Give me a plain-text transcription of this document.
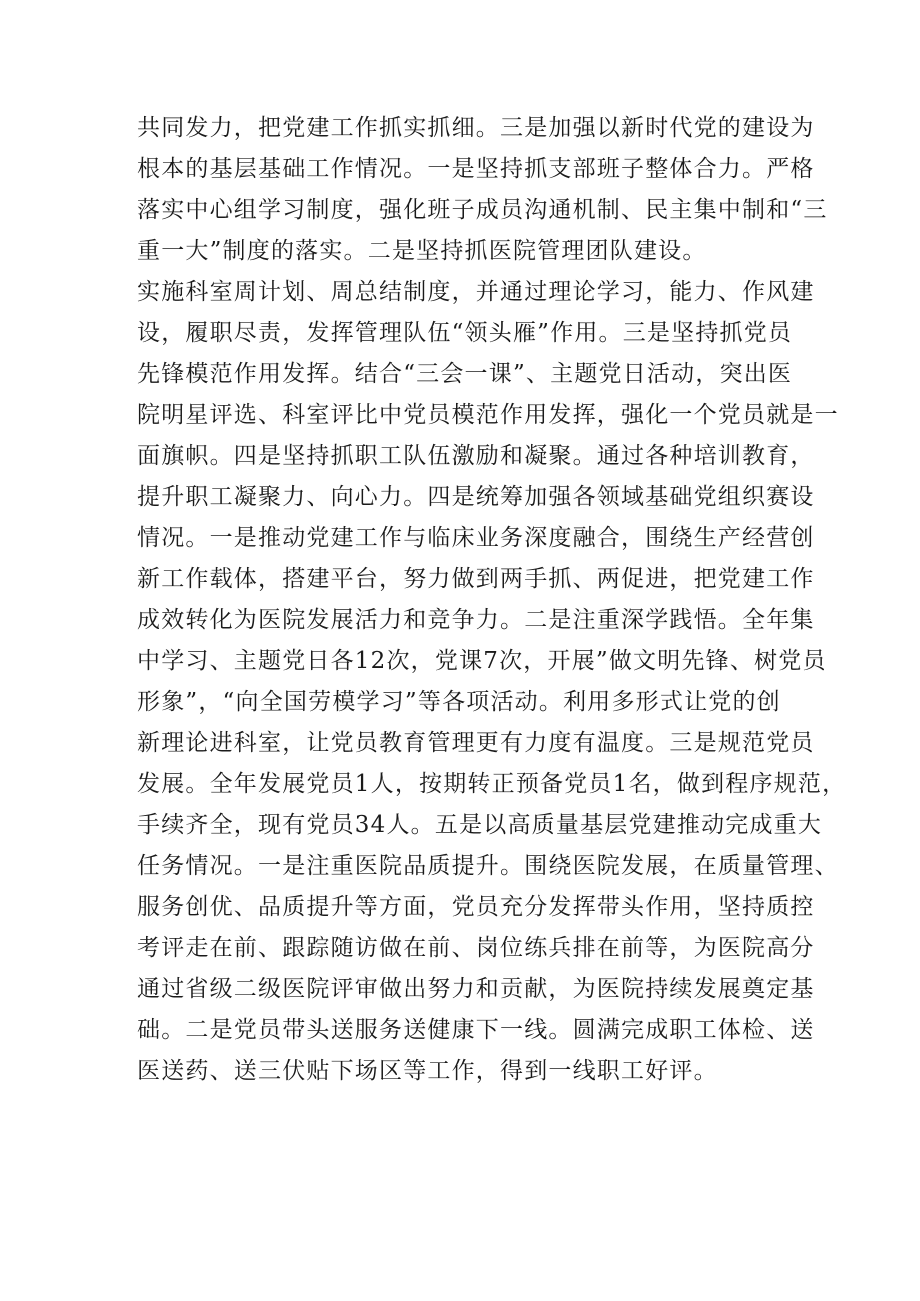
共同发力，把党建工作抓实抓细。三是加强以新时代党的建设为
根本的基层基础工作情况。一是坚持抓支部班子整体合力。严格
落实中心组学习制度，强化班子成员沟通机制、民主集中制和“三
重一大”制度的落实。二是坚持抓医院管理团队建设。
实施科室周计划、周总结制度，并通过理论学习，能力、作风建
设，履职尽责，发挥管理队伍“领头雁”作用。三是坚持抓党员
先锋模范作用发挥。结合“三会一课”、主题党日活动，突出医
院明星评选、科室评比中党员模范作用发挥，强化一个党员就是一
面旗帜。四是坚持抓职工队伍激励和凝聚。通过各种培训教育，
提升职工凝聚力、向心力。四是统筹加强各领域基础党组织赛设
情况。一是推动党建工作与临床业务深度融合，围绕生产经营创
新工作载体，搭建平台，努力做到两手抓、两促进，把党建工作
成效转化为医院发展活力和竞争力。二是注重深学践悟。全年集
中学习、主题党日各12次，党课7次，开展”做文明先锋、树党员
形象”，“向全国劳模学习”等各项活动。利用多形式让党的创
新理论进科室，让党员教育管理更有力度有温度。三是规范党员
发展。全年发展党员1人，按期转正预备党员1名，做到程序规范，
手续齐全，现有党员34人。五是以高质量基层党建推动完成重大
任务情况。一是注重医院品质提升。围绕医院发展，在质量管理、
服务创优、品质提升等方面，党员充分发挥带头作用，坚持质控
考评走在前、跟踪随访做在前、岗位练兵排在前等，为医院高分
通过省级二级医院评审做出努力和贡献，为医院持续发展奠定基
础。二是党员带头送服务送健康下一线。圆满完成职工体检、送
医送药、送三伏贴下场区等工作，得到一线职工好评。
